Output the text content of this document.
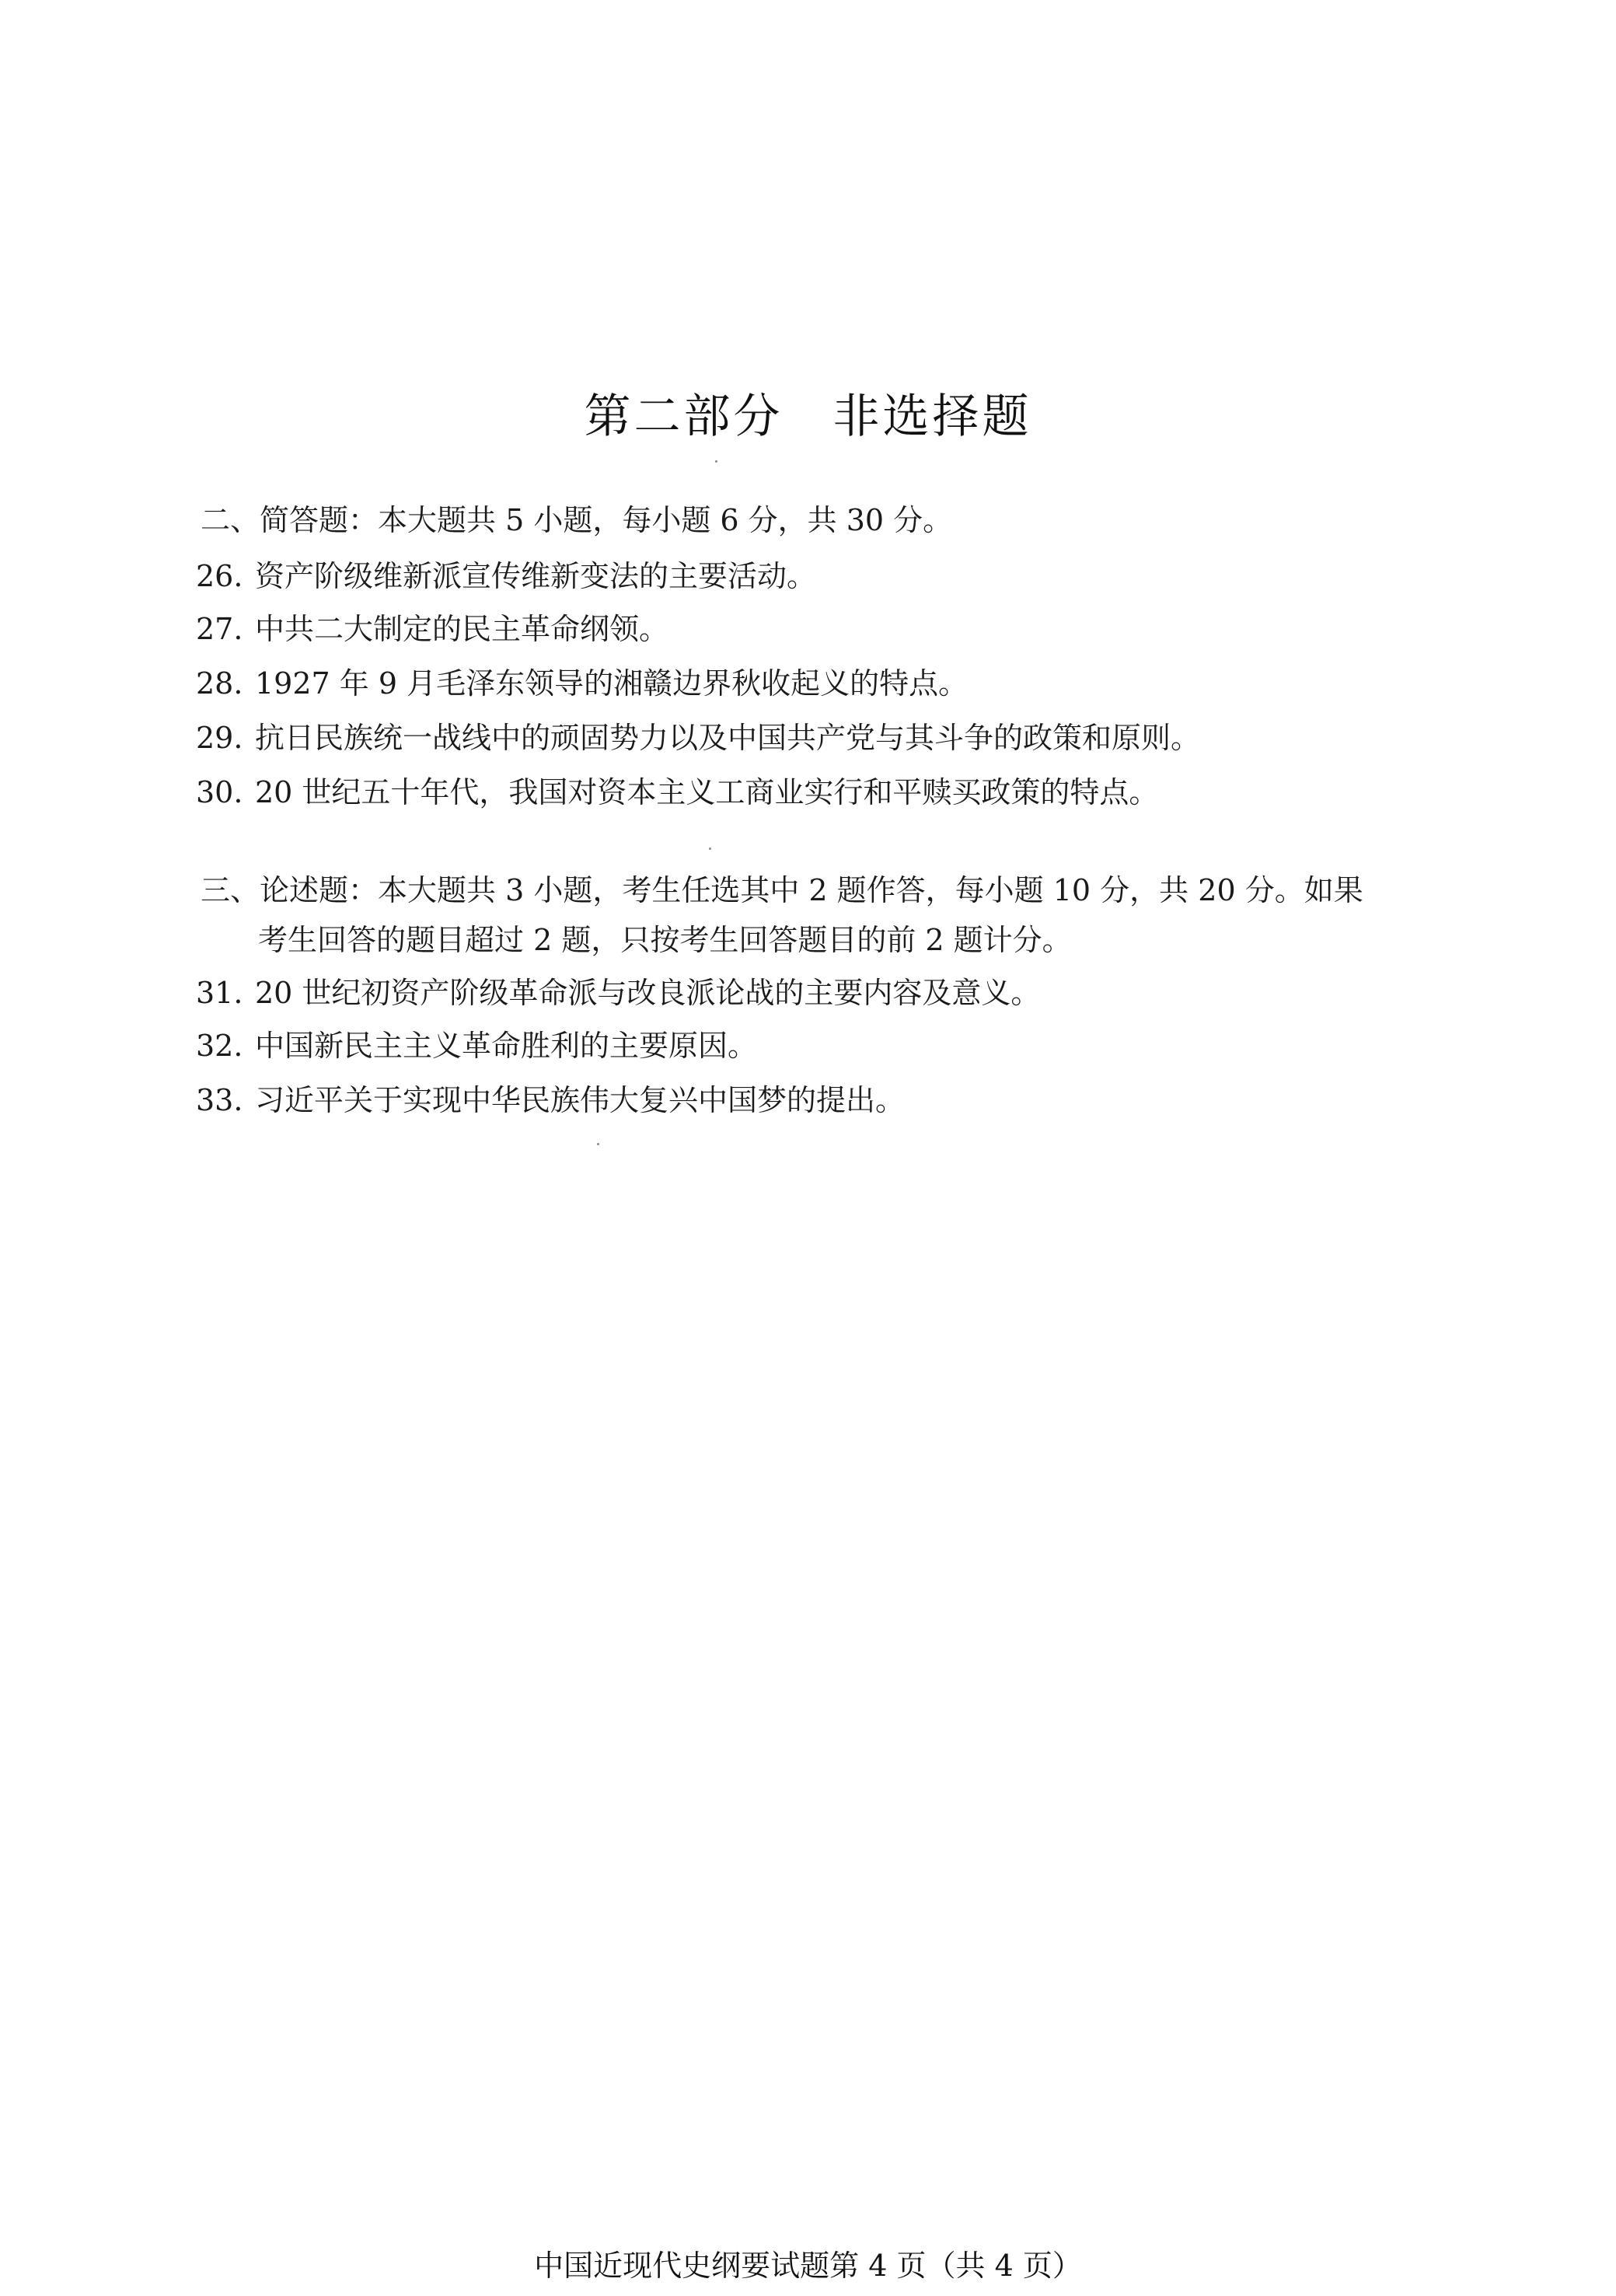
第二部分　非选择题
二、简答题：本大题共 5 小题，每小题 6 分，共 30 分。
26. 资产阶级维新派宣传维新变法的主要活动。
27. 中共二大制定的民主革命纲领。
28. 1927 年 9 月毛泽东领导的湘赣边界秋收起义的特点。
29. 抗日民族统一战线中的顽固势力以及中国共产党与其斗争的政策和原则。
30. 20 世纪五十年代，我国对资本主义工商业实行和平赎买政策的特点。
三、论述题：本大题共 3 小题，考生任选其中 2 题作答，每小题 10 分，共 20 分。如果
考生回答的题目超过 2 题，只按考生回答题目的前 2 题计分。
31. 20 世纪初资产阶级革命派与改良派论战的主要内容及意义。
32. 中国新民主主义革命胜利的主要原因。
33. 习近平关于实现中华民族伟大复兴中国梦的提出。
中国近现代史纲要试题第 4 页（共 4 页）
